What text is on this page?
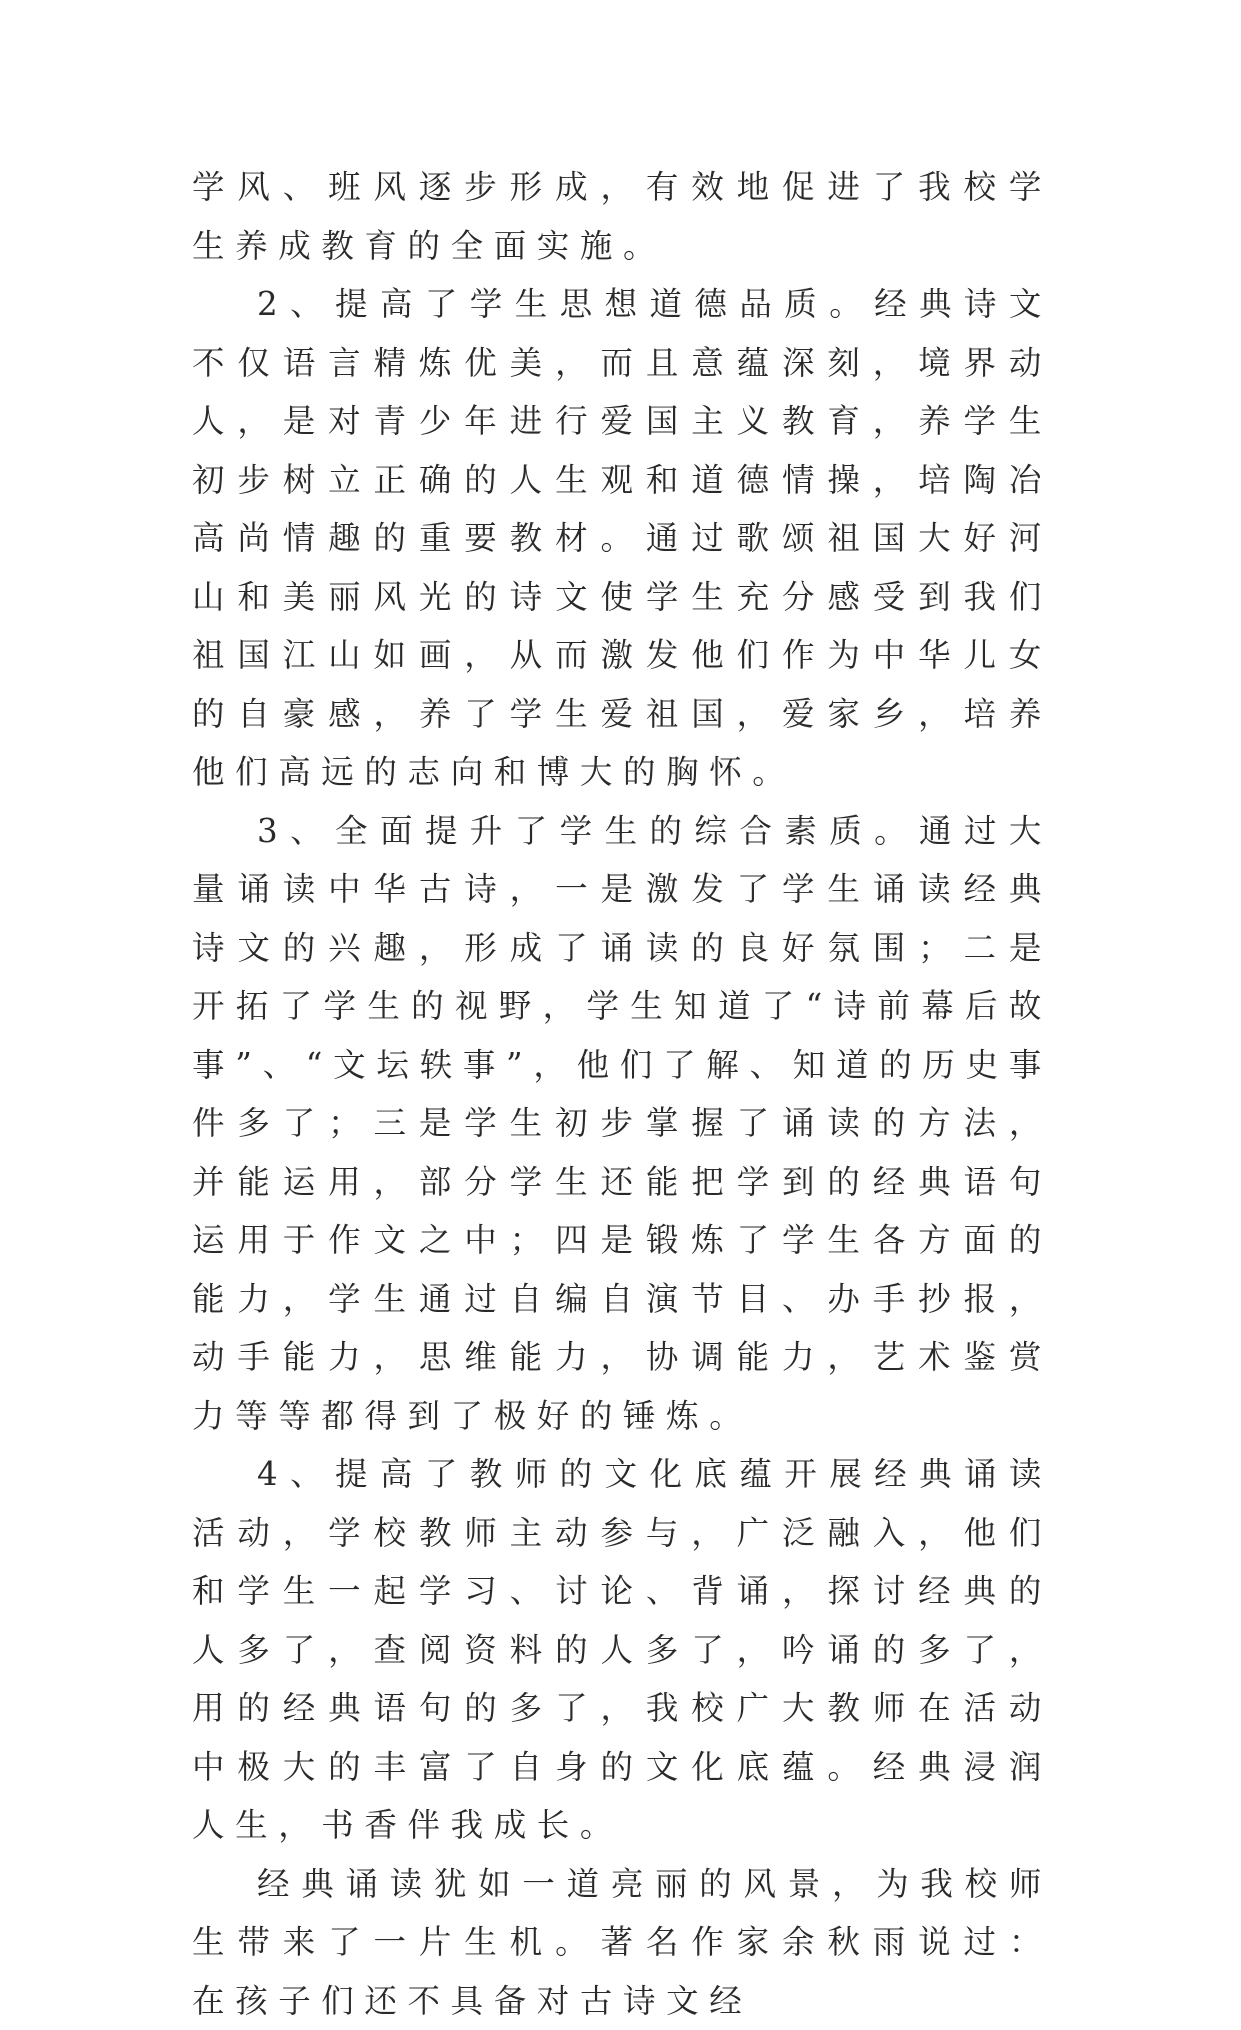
学风、班风逐步形成，有效地促进了我校学生养成教育的全面实施。

2、提高了学生思想道德品质。经典诗文不仅语言精炼优美，而且意蕴深刻，境界动人，是对青少年进行爱国主义教育，养学生初步树立正确的人生观和道德情操，培陶冶高尚情趣的重要教材。通过歌颂祖国大好河山和美丽风光的诗文使学生充分感受到我们祖国江山如画，从而激发他们作为中华儿女的自豪感，养了学生爱祖国，爱家乡，培养他们高远的志向和博大的胸怀。

3、全面提升了学生的综合素质。通过大量诵读中华古诗，一是激发了学生诵读经典诗文的兴趣，形成了诵读的良好氛围；二是开拓了学生的视野，学生知道了“诗前幕后故事”、“文坛轶事”，他们了解、知道的历史事件多了；三是学生初步掌握了诵读的方法，并能运用，部分学生还能把学到的经典语句运用于作文之中；四是锻炼了学生各方面的能力，学生通过自编自演节目、办手抄报，动手能力，思维能力，协调能力，艺术鉴赏力等等都得到了极好的锤炼。

4、提高了教师的文化底蕴开展经典诵读活动，学校教师主动参与，广泛融入，他们和学生一起学习、讨论、背诵，探讨经典的人多了，查阅资料的人多了，吟诵的多了，用的经典语句的多了，我校广大教师在活动中极大的丰富了自身的文化底蕴。经典浸润人生，书香伴我成长。

经典诵读犹如一道亮丽的风景，为我校师生带来了一片生机。著名作家余秋雨说过：在孩子们还不具备对古诗文经
